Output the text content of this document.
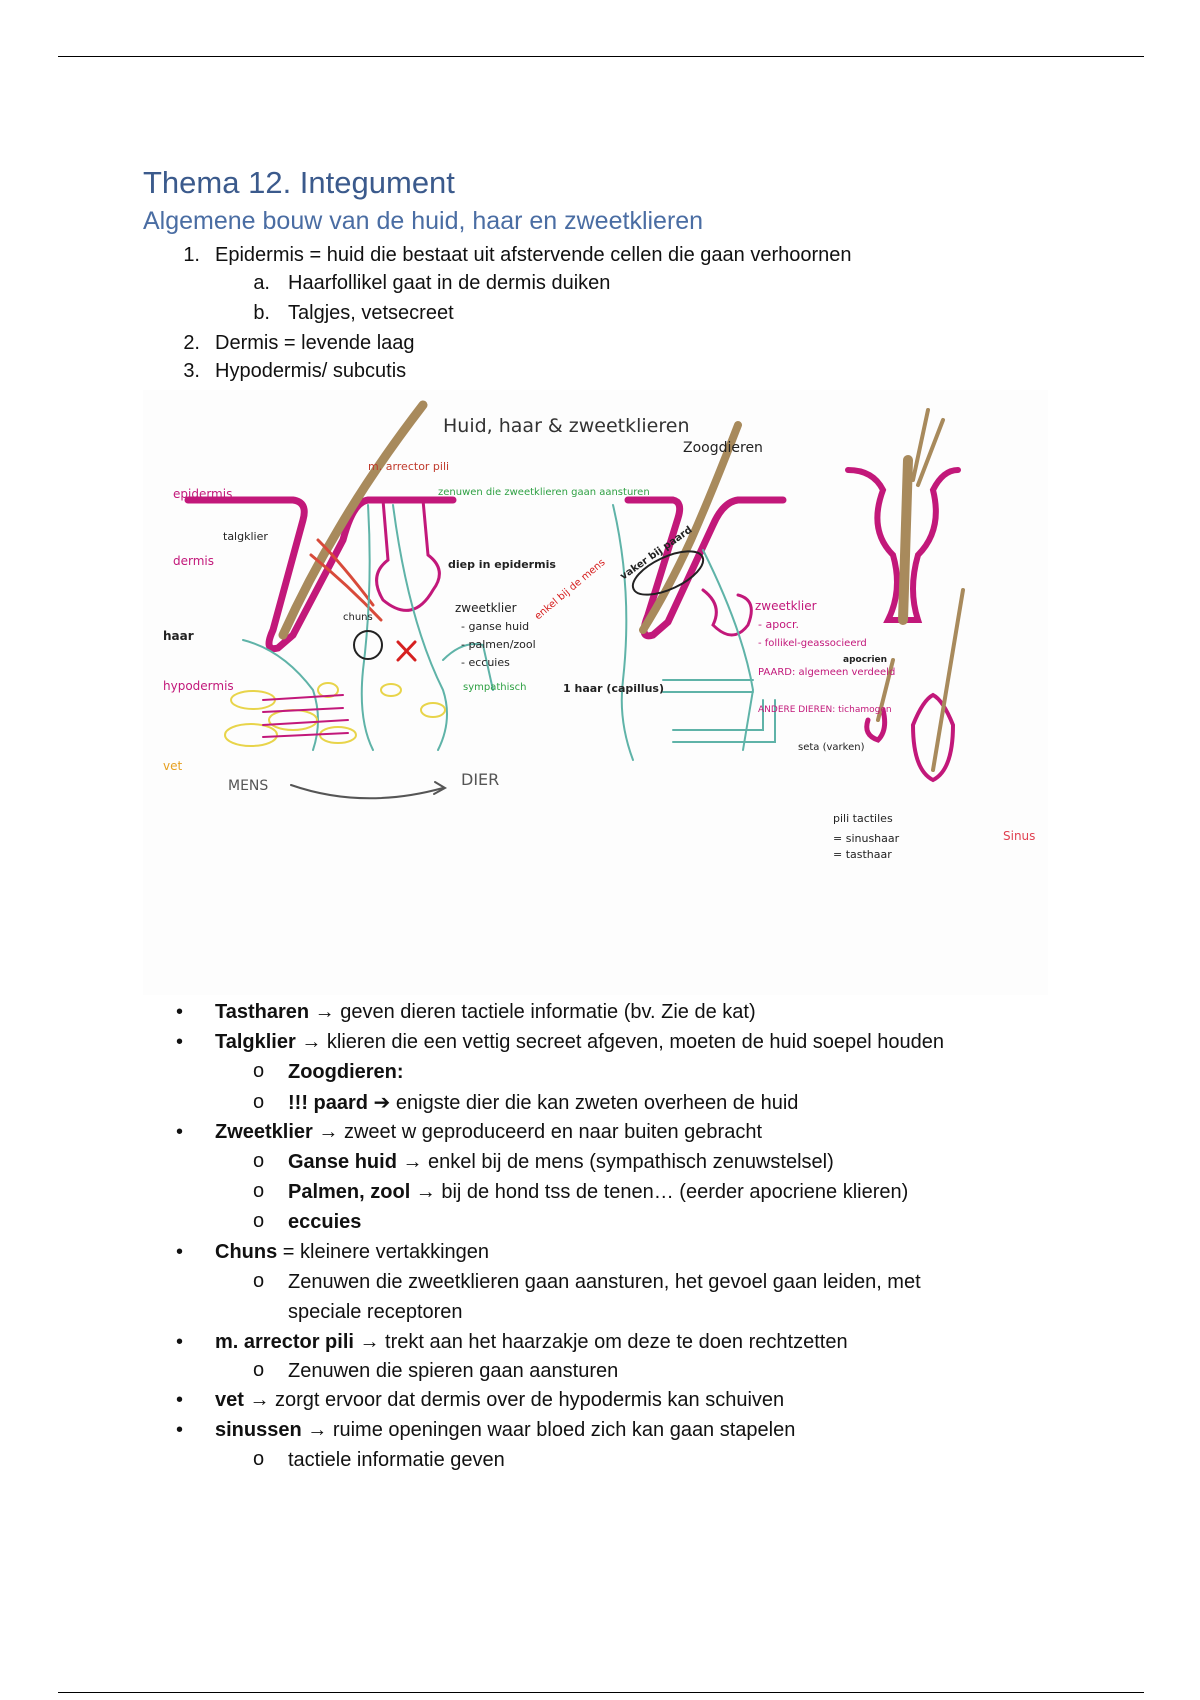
Thema 12. Integument
Algemene bouw van de huid, haar en zweetklieren
1. Epidermis = huid die bestaat uit afstervende cellen die gaan verhoornen
a. Haarfollikel gaat in de dermis duiken
b. Talgjes, vetsecreet
2. Dermis = levende laag
3. Hypodermis/ subcutis
Huid, haar & zweetklieren
Zoogdieren
m. arrector pili
epidermis
talgklier
dermis
haar
hypodermis
vet
MENS	DIER
chuns
zenuwen die zweetklieren gaan aansturen
diep in epidermis
zweetklier
- ganse huid
- palmen/zool
- eccuies
sympathisch
enkel bij de mens
vaker bij paard
1 haar (capillus)
zweetklier
- apocr.
- follikel-geassocieerd
apocrien
PAARD: algemeen verdeeld
ANDERE DIEREN: tichamogen
seta (varken)
pili tactiles
= sinushaar
= tasthaar
Sinus
• Tastharen → geven dieren tactiele informatie (bv. Zie de kat)
• Talgklier → klieren die een vettig secreet afgeven, moeten de huid soepel houden
o Zoogdieren:
o !!! paard ➔ enigste dier die kan zweten overheen de huid
• Zweetklier → zweet w geproduceerd en naar buiten gebracht
o Ganse huid → enkel bij de mens (sympathisch zenuwstelsel)
o Palmen, zool → bij de hond tss de tenen… (eerder apocriene klieren)
o eccuies
• Chuns = kleinere vertakkingen
o Zenuwen die zweetklieren gaan aansturen, het gevoel gaan leiden, met
speciale receptoren
• m. arrector pili → trekt aan het haarzakje om deze te doen rechtzetten
o Zenuwen die spieren gaan aansturen
• vet → zorgt ervoor dat dermis over de hypodermis kan schuiven
• sinussen → ruime openingen waar bloed zich kan gaan stapelen
o tactiele informatie geven
